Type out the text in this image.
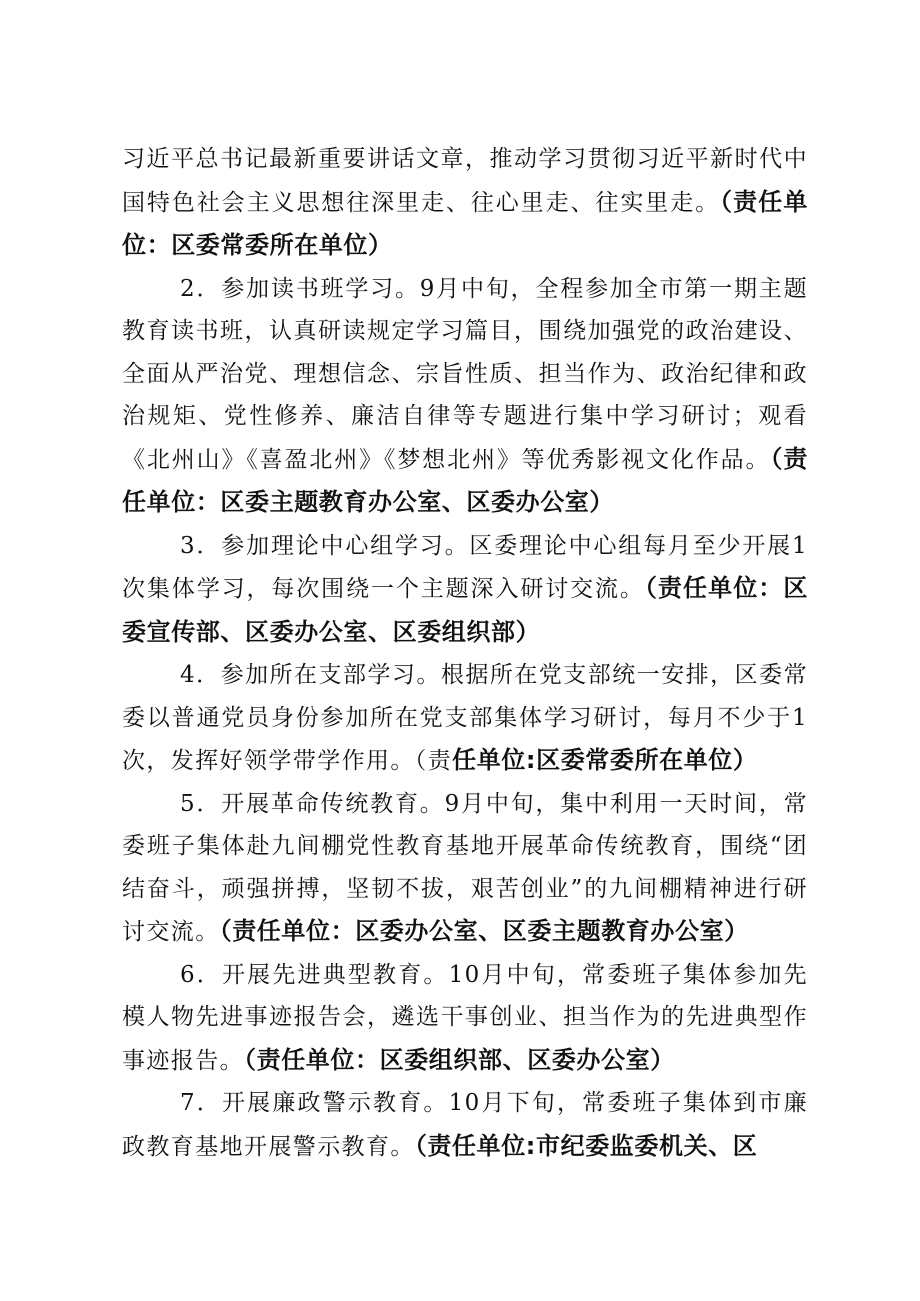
习近平总书记最新重要讲话文章，推动学习贯彻习近平新时代中国特色社会主义思想往深里走、往心里走、往实里走。（责任单位：区委常委所在单位）

2．参加读书班学习。9月中旬，全程参加全市第一期主题教育读书班，认真研读规定学习篇目，围绕加强党的政治建设、全面从严治党、理想信念、宗旨性质、担当作为、政治纪律和政治规矩、党性修养、廉洁自律等专题进行集中学习研讨；观看《北州山》《喜盈北州》《梦想北州》等优秀影视文化作品。（责任单位：区委主题教育办公室、区委办公室）

3．参加理论中心组学习。区委理论中心组每月至少开展1次集体学习，每次围绕一个主题深入研讨交流。（责任单位：区委宣传部、区委办公室、区委组织部）

4．参加所在支部学习。根据所在党支部统一安排，区委常委以普通党员身份参加所在党支部集体学习研讨，每月不少于1次，发挥好领学带学作用。（责任单位:区委常委所在单位）

5．开展革命传统教育。9月中旬，集中利用一天时间，常委班子集体赴九间棚党性教育基地开展革命传统教育，围绕“团结奋斗，顽强拼搏，坚韧不拔，艰苦创业”的九间棚精神进行研讨交流。（责任单位：区委办公室、区委主题教育办公室）

6．开展先进典型教育。10月中旬，常委班子集体参加先模人物先进事迹报告会，遴选干事创业、担当作为的先进典型作事迹报告。（责任单位：区委组织部、区委办公室）

7．开展廉政警示教育。10月下旬，常委班子集体到市廉政教育基地开展警示教育。（责任单位:市纪委监委机关、区
